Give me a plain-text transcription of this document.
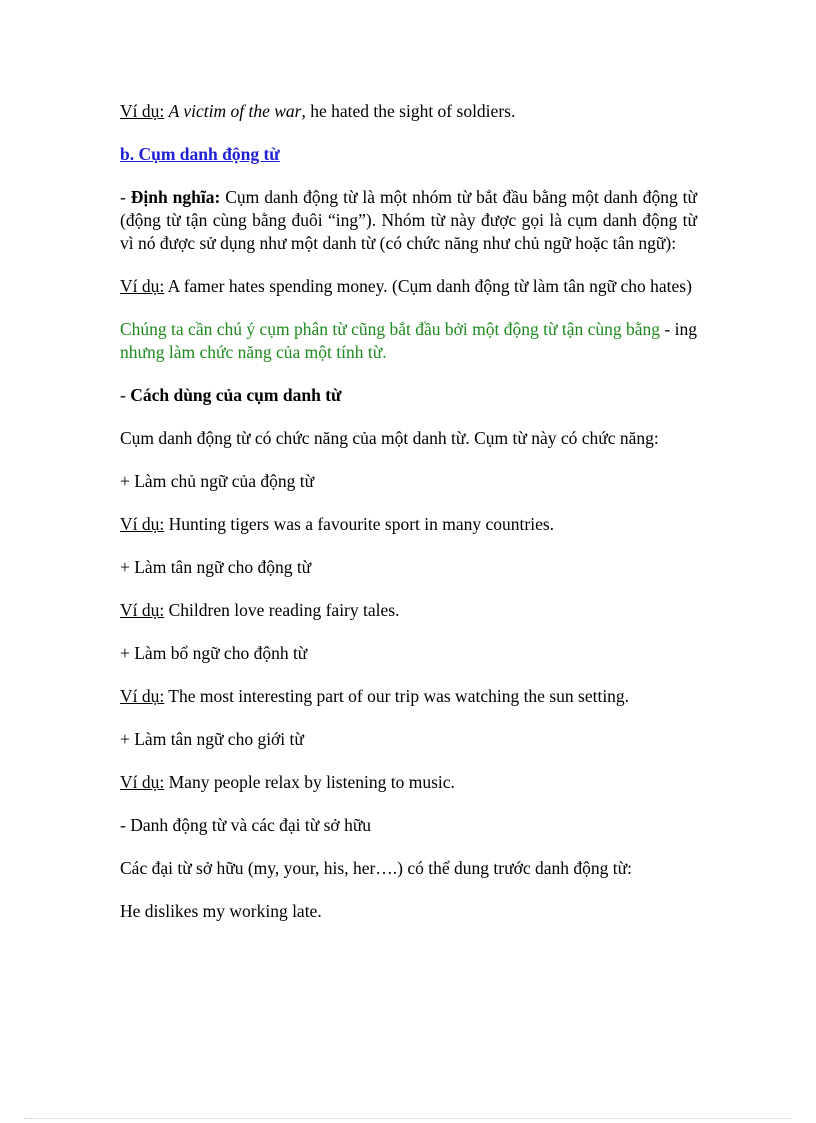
Ví dụ: A victim of the war, he hated the sight of soldiers.

b. Cụm danh động từ

- Định nghĩa: Cụm danh động từ là một nhóm từ bắt đầu bằng một danh động từ (động từ tận cùng bằng đuôi “ing”). Nhóm từ này được gọi là cụm danh động từ vì nó được sử dụng như một danh từ (có chức năng như chủ ngữ hoặc tân ngữ):

Ví dụ: A famer hates spending money. (Cụm danh động từ làm tân ngữ cho hates)

Chúng ta cần chú ý cụm phân từ cũng bắt đầu bởi một động từ tận cùng bằng - ing nhưng làm chức năng của một tính từ.

- Cách dùng của cụm danh từ

Cụm danh động từ có chức năng của một danh từ. Cụm từ này có chức năng:

+ Làm chủ ngữ của động từ

Ví dụ: Hunting tigers was a favourite sport in many countries.

+ Làm tân ngữ cho động từ

Ví dụ: Children love reading fairy tales.

+ Làm bổ ngữ cho độnh từ

Ví dụ: The most interesting part of our trip was watching the sun setting.

+ Làm tân ngữ cho giới từ

Ví dụ: Many people relax by listening to music.

- Danh động từ và các đại từ sở hữu

Các đại từ sở hữu (my, your, his, her….) có thể dung trước danh động từ:

He dislikes my working late.
